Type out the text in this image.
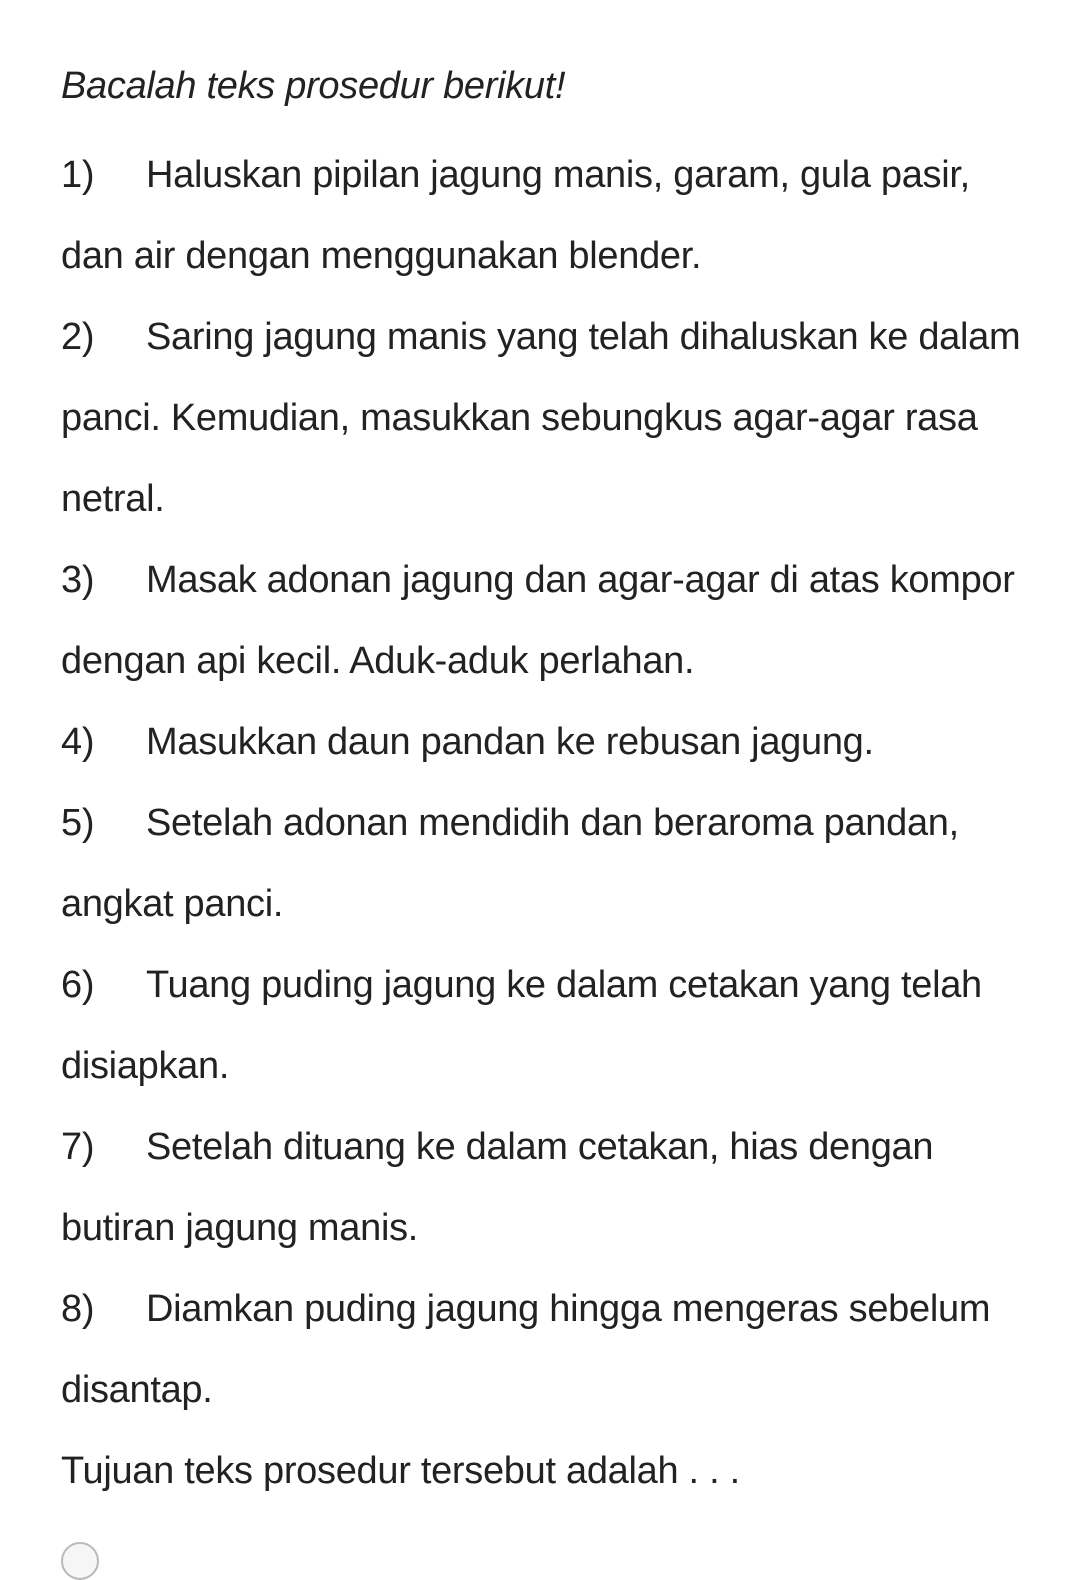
Bacalah teks prosedur berikut!

1) Haluskan pipilan jagung manis, garam, gula pasir, dan air dengan menggunakan blender.
2) Saring jagung manis yang telah dihaluskan ke dalam panci. Kemudian, masukkan sebungkus agar-agar rasa netral.
3) Masak adonan jagung dan agar-agar di atas kompor dengan api kecil. Aduk-aduk perlahan.
4) Masukkan daun pandan ke rebusan jagung.
5) Setelah adonan mendidih dan beraroma pandan, angkat panci.
6) Tuang puding jagung ke dalam cetakan yang telah disiapkan.
7) Setelah dituang ke dalam cetakan, hias dengan butiran jagung manis.
8) Diamkan puding jagung hingga mengeras sebelum disantap.

Tujuan teks prosedur tersebut adalah . . .
